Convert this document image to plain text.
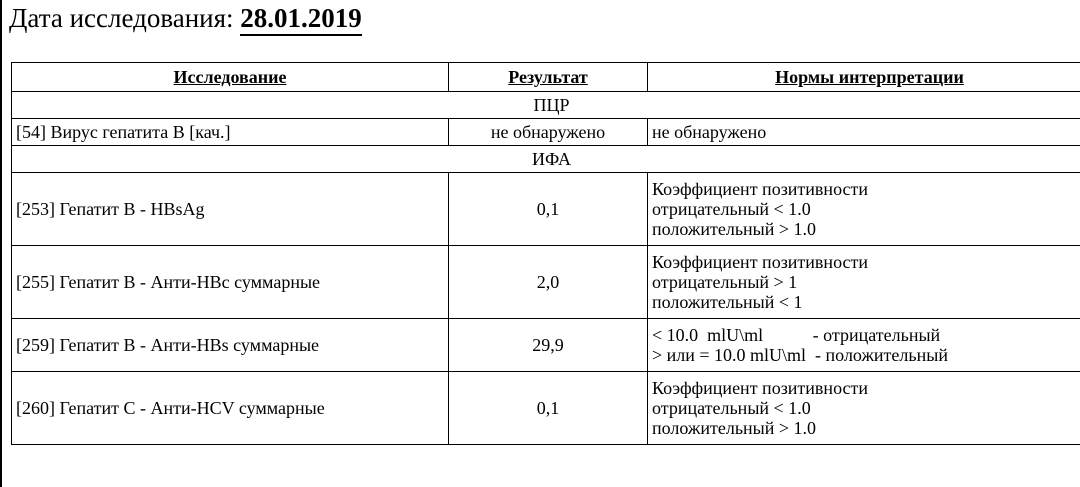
Дата исследования: 28.01.2019
Исследование	Результат	Нормы интерпретации
ПЦР		
[54] Вирус гепатита В [кач.]	не обнаружено	не обнаружено

ИФА		
[253] Гепатит В - HBsAg	0,1	Коэффициент позитивности
отрицательный < 1.0
положительный > 1.0

[255] Гепатит В - Анти-HBc суммарные	2,0	Коэффициент позитивности
отрицательный > 1
положительный < 1

[259] Гепатит В - Анти-HBs суммарные	29,9	< 10.0  mlU\ml           - отрицательный
> или = 10.0 mlU\ml  - положительный

[260] Гепатит С - Анти-HCV суммарные	0,1	Коэффициент позитивности
отрицательный < 1.0
положительный > 1.0
